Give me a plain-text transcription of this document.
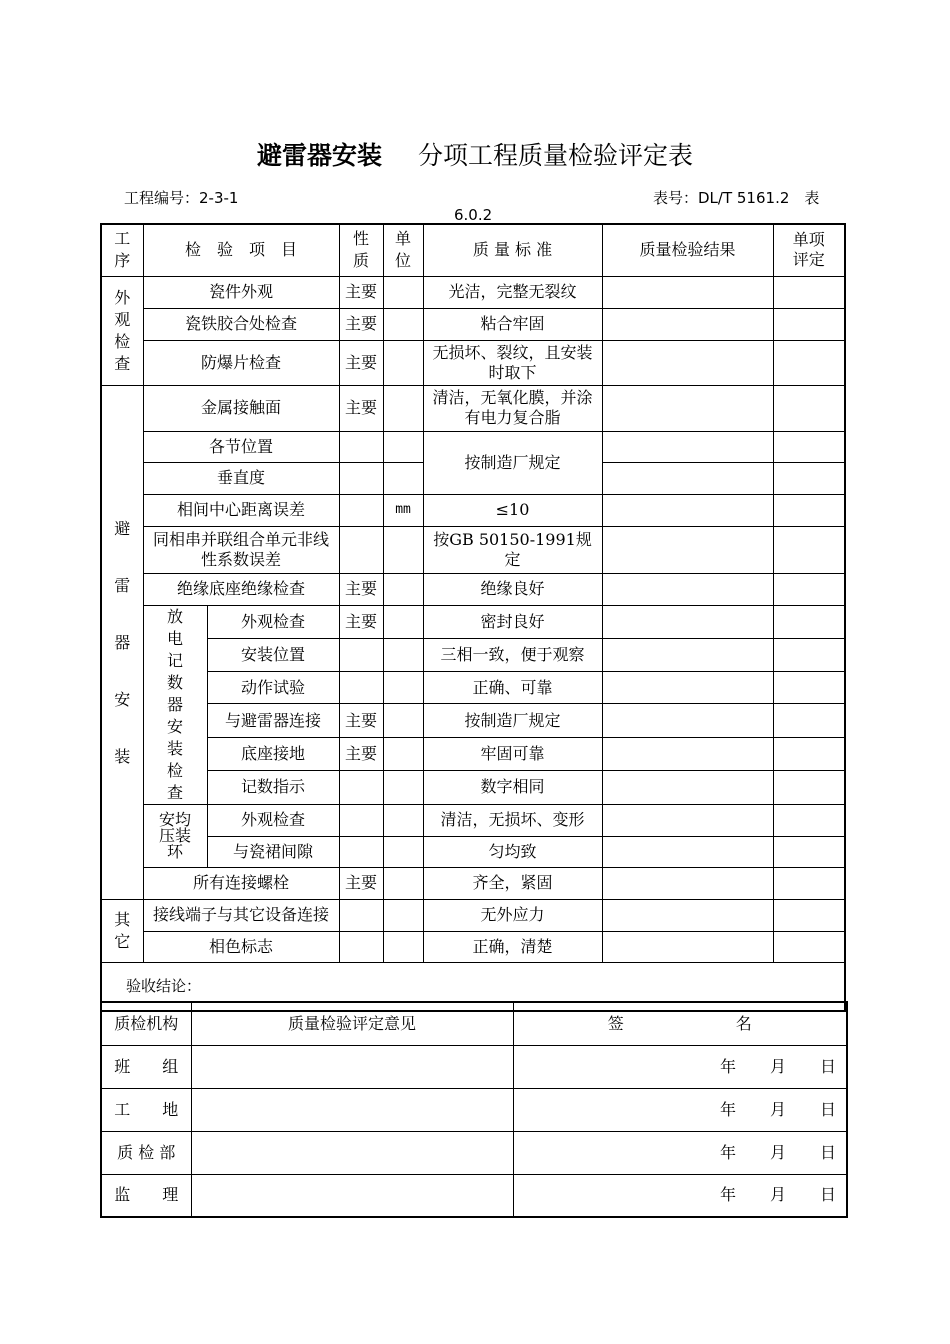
避雷器安装 分项工程质量检验评定表
工程编号：2-3-1	表号：DL/T 5161.2　表
6.0.2
工序	检　验　项　目		性质	单位	质 量 标 准	质量检验结果	单项评定

外观检查	瓷件外观		主要		光洁，完整无裂纹		
	瓷铁胶合处检查		主要		粘合牢固		
	防爆片检查		主要		无损坏、裂纹，且安装时取下		

避雷器安装	金属接触面		主要		清洁，无氧化膜，并涂有电力复合脂		
	各节位置				按制造厂规定		
	垂直度						
	相间中心距离误差			mm	≤10		
	同相串并联组合单元非线性系数误差				按GB 50150-1991规定		
	绝缘底座绝缘检查		主要		绝缘良好		

	放电记数器安装检查	外观检查	主要		密封良好		
		安装位置			三相一致，便于观察		
		动作试验			正确、可靠		
		与避雷器连接	主要		按制造厂规定		
		底座接地	主要		牢固可靠		
		记数指示			数字相同		

	安均压装环	外观检查			清洁，无损坏、变形		
		与瓷裙间隙			匀均致		
	所有连接螺栓		主要		齐全，紧固		

其它	接线端子与其它设备连接				无外应力		
	相色标志				正确，清楚		
验收结论：							
质检机构	质量检验评定意见	签　　　　　　　名
班　　组		年 月 日
工　　地		年 月 日
质 检 部		年 月 日
监　　理		年 月 日
